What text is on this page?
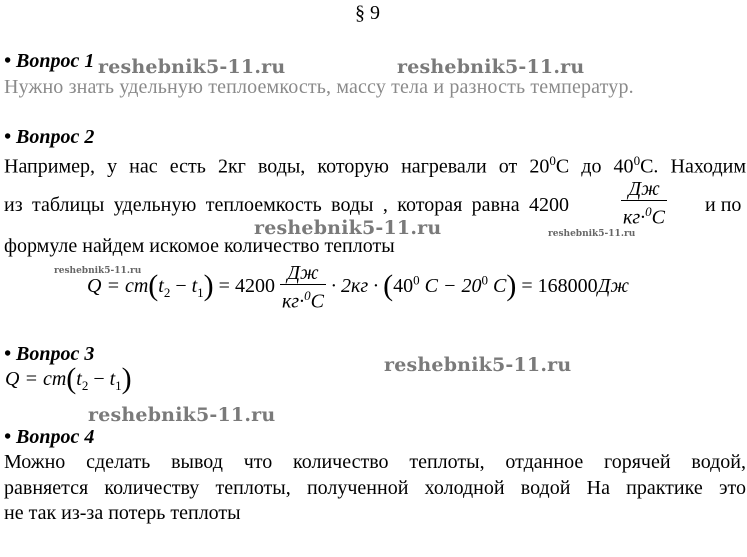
§ 9
• Вопрос 1 reshebnik5-11.ru	reshebnik5-11.ru
Нужно знать удельную теплоемкость, массу тела и разность температур.
• Вопрос 2
Например, у нас есть 2кг воды, которую нагревали от $20^0С$ до $40^0С$. Находим
из таблицы удельную теплоемкость воды , которая равна 4200	$\frac{Дж}{кг\cdot^0С}$ и по
reshebnik5-11.ru	reshebnik5-11.ru
формуле найдем искомое количество теплоты
reshebnik5-11.ru
$Q = cm(t_2 - t_1) = 4200 \frac{Дж}{кг\cdot^0С} \cdot 2кг \cdot (40^0$ $C - 20^0$ C) = 168000Дж
• Вопрос 3	reshebnik5-11.ru
$Q = cm(t_2 - t_1)$
reshebnik5-11.ru
• Вопрос 4
Можно сделать вывод что количество теплоты, отданное горячей водой,
равняется количеству теплоты, полученной холодной водой На практике это
не так из-за потерь теплоты
